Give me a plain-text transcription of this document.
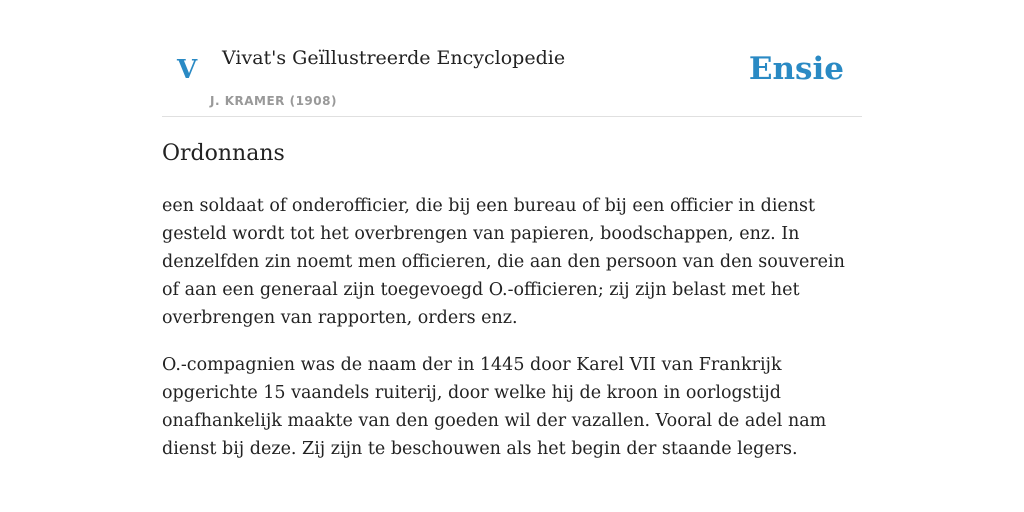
V Vivat's Geïllustreerde Encyclopedie
J. KRAMER (1908)
Ensie
Ordonnans

een soldaat of onderofficier, die bij een bureau of bij een officier in dienst gesteld wordt tot het overbrengen van papieren, boodschappen, enz. In denzelfden zin noemt men officieren, die aan den persoon van den souverein of aan een generaal zijn toegevoegd O.-officieren; zij zijn belast met het overbrengen van rapporten, orders enz.

O.-compagnien was de naam der in 1445 door Karel VII van Frankrijk opgerichte 15 vaandels ruiterij, door welke hij de kroon in oorlogstijd onafhankelijk maakte van den goeden wil der vazallen. Vooral de adel nam dienst bij deze. Zij zijn te beschouwen als het begin der staande legers.
